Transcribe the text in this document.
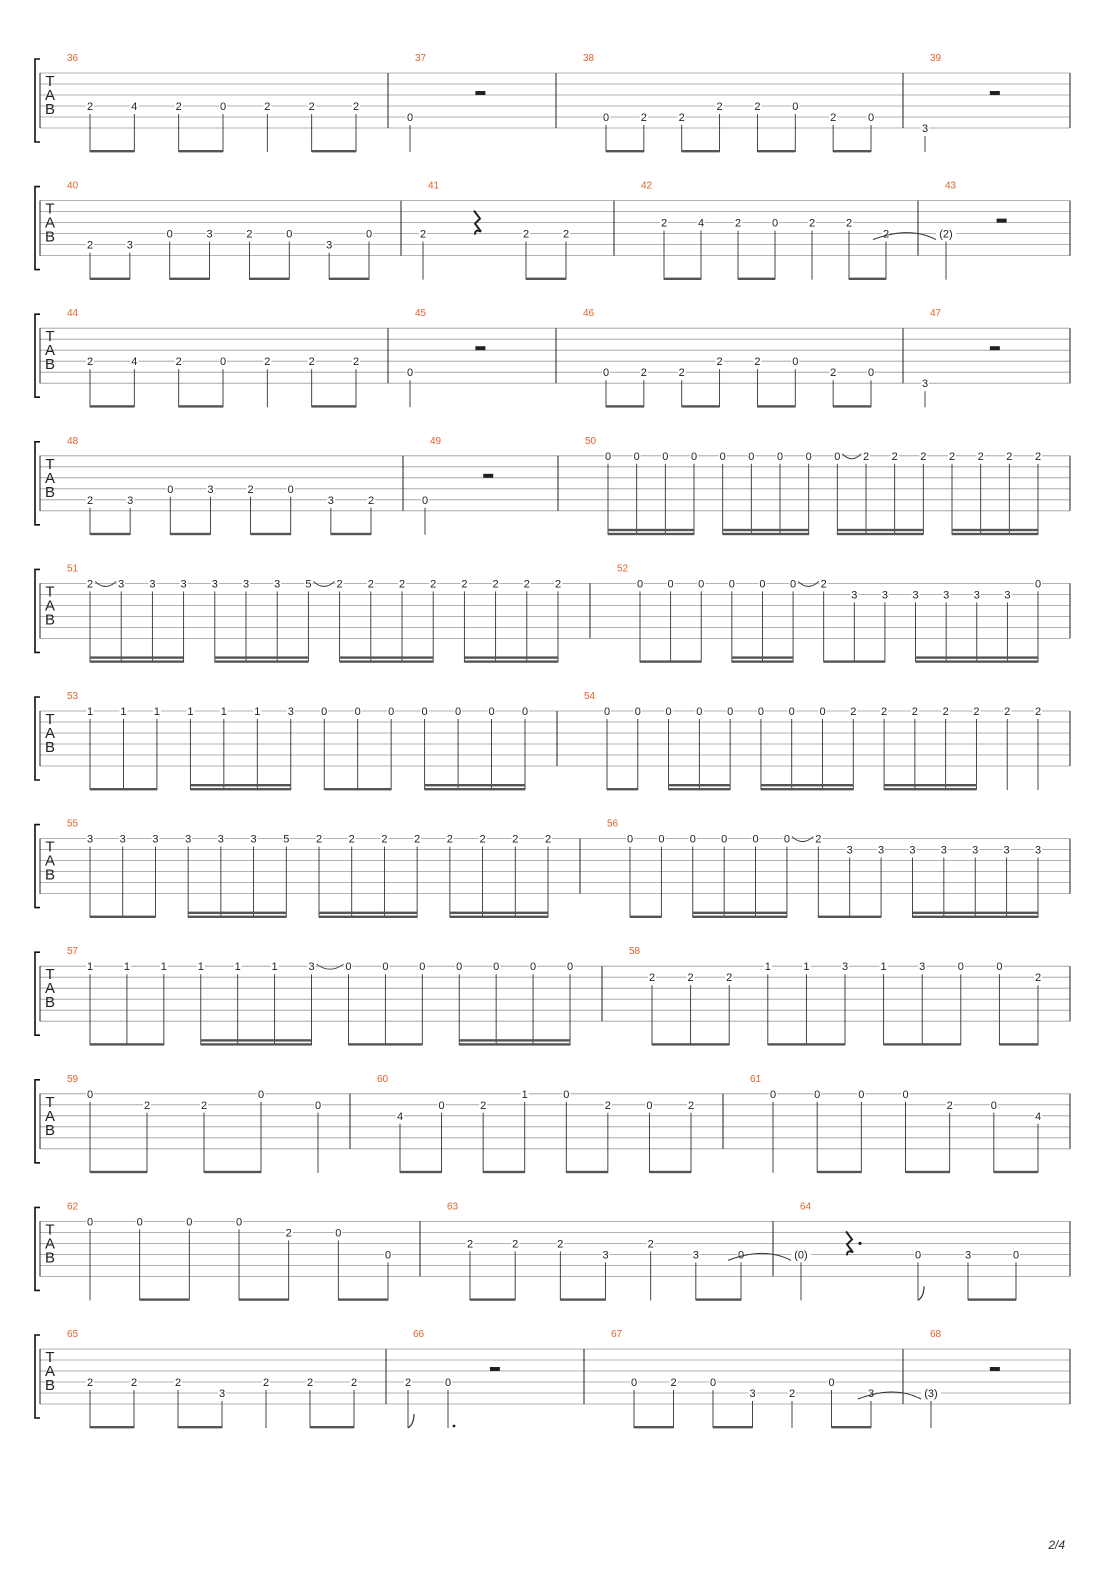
T
A
B
36
2	4	2	0	2	2	2
37
0
38
0	2	2
2	2	0
2	0
39
3
T
A
B
40
2	3
0	3	2	0
3
0
41
2	2	2
42
2	4	2	0	2	2
2
43
(2)
T
A
B
44
2	4	2	0	2	2	2
45
0
46
0	2	2
2	2	0
2	0
47
3
T
A
B
48
2	3
0	3	2	0
3	2
49
0
50
0 0 0 0 0 0 0 0 0 2 2 2 2 2 2 2
T
A
B
51
2 3 3 3 3 3 3 5 2 2 2 2 2 2 2 2
52
0 0 0 0 0 0 2
3 3 3 3 3 3
0
T
A
B
53
1 1 1 1 1 1 3 0 0 0 0 0 0 0
54
0 0 0 0 0 0 0 0 2 2 2 2 2 2 2
T
A
B
55
3 3 3 3 3 3 5 2 2 2 2 2 2 2 2
56
0 0 0 0 0 0 2
3 3 3 3 3 3 3
T
A
B
57
1	1	1	1	1	1	3	0	0	0	0	0	0	0
58
2	2	2
1	1	3	1	3	0	0
2
T
A
B
59
0
2	2
0
0
60
4
0	2
1	0
2	0	2
61
0	0	0	0
2	0
4
T
A
B
62
0	0	0	0
2	0
0
63
2	2	2
3
2
3	0
64
(0)	0	3	0
T
A
B
65
2	2	2
3
2	2	2
66
2	0
67
0	2	0
3	2
0
3
68
(3)
2/4
